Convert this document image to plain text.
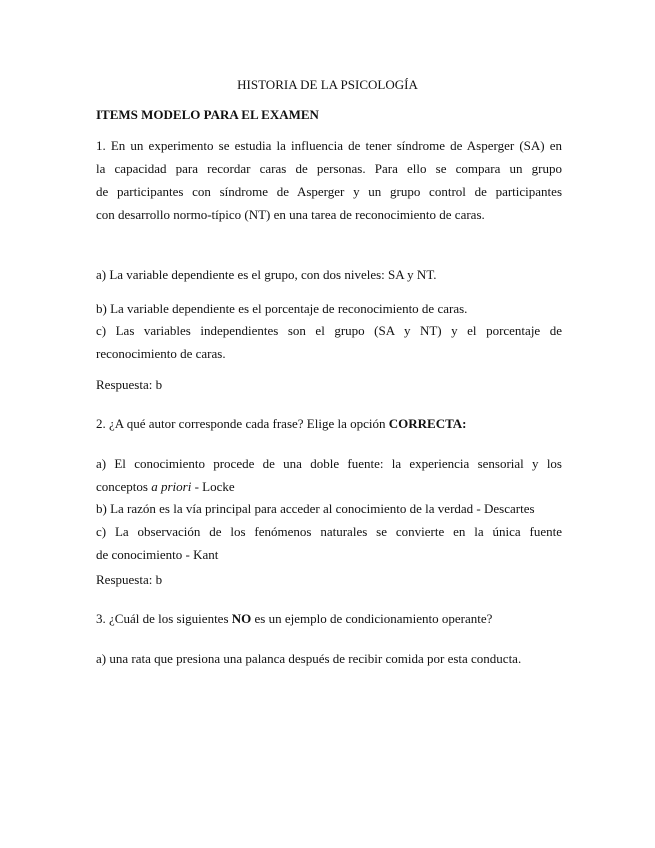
HISTORIA DE LA PSICOLOGÍA
ITEMS MODELO PARA EL EXAMEN
1. En un experimento se estudia la influencia de tener síndrome de Asperger (SA) en
la capacidad para recordar caras de personas. Para ello se compara un grupo
de participantes con síndrome de Asperger y un grupo control de participantes
con desarrollo normo-típico (NT) en una tarea de reconocimiento de caras.
a) La variable dependiente es el grupo, con dos niveles: SA y NT.
b) La variable dependiente es el porcentaje de reconocimiento de caras.
c) Las variables independientes son el grupo (SA y NT) y el porcentaje de
reconocimiento de caras.
Respuesta: b
2. ¿A qué autor corresponde cada frase? Elige la opción CORRECTA:
a) El conocimiento procede de una doble fuente: la experiencia sensorial y los
conceptos a priori - Locke
b) La razón es la vía principal para acceder al conocimiento de la verdad - Descartes
c) La observación de los fenómenos naturales se convierte en la única fuente
de conocimiento - Kant
Respuesta: b
3. ¿Cuál de los siguientes NO es un ejemplo de condicionamiento operante?
a) una rata que presiona una palanca después de recibir comida por esta conducta.
